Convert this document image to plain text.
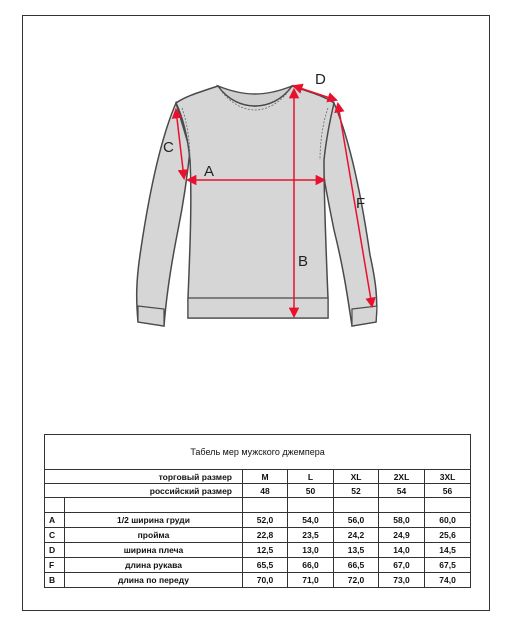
A
B
C
D
F
Табель мер мужского джемпера						
торговый размер		M	L	XL	2XL	3XL
российский размер		48	50	52	54	56

A	1/2 ширина груди	52,0	54,0	56,0	58,0	60,0
C	пройма	22,8	23,5	24,2	24,9	25,6
D	ширина плеча	12,5	13,0	13,5	14,0	14,5
F	длина рукава	65,5	66,0	66,5	67,0	67,5
B	длина по переду	70,0	71,0	72,0	73,0	74,0
